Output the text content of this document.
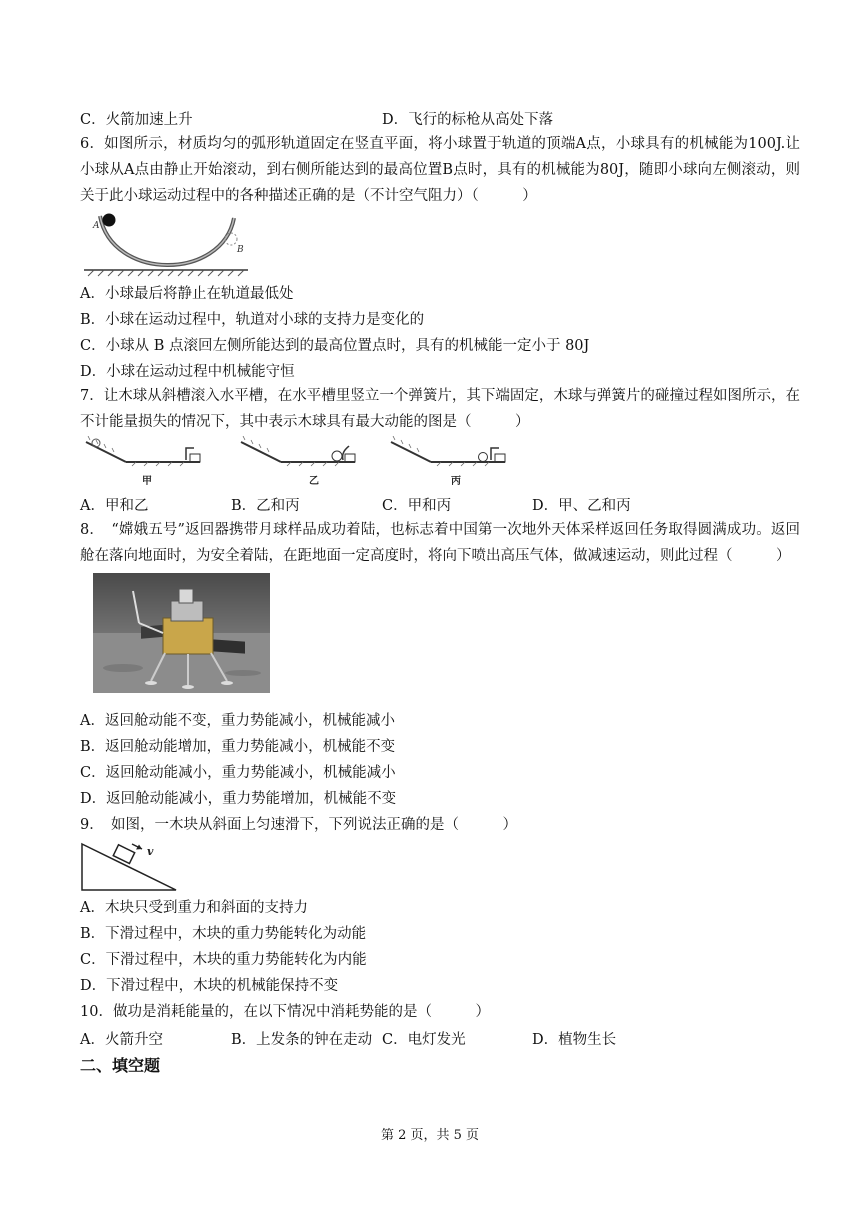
C．火箭加速上升	D．飞行的标枪从高处下落
6．如图所示，材质均匀的弧形轨道固定在竖直平面，将小球置于轨道的顶端A点，小球具有的机械能为100J.让小球从A点由静止开始滚动，到右侧所能达到的最高位置B点时，具有的机械能为80J，随即小球向左侧滚动，则关于此小球运动过程中的各种描述正确的是（不计空气阻力）（　　　）
A
B
A．小球最后将静止在轨道最低处
B．小球在运动过程中，轨道对小球的支持力是变化的
C．小球从 B 点滚回左侧所能达到的最高位置点时，具有的机械能一定小于 80J
D．小球在运动过程中机械能守恒
7．让木球从斜槽滚入水平槽，在水平槽里竖立一个弹簧片，其下端固定，木球与弹簧片的碰撞过程如图所示，在不计能量损失的情况下，其中表示木球具有最大动能的图是（　　　）
甲	乙	丙
A．甲和乙	B．乙和丙	C．甲和丙	D．甲、乙和丙
8．　“嫦娥五号”返回器携带月球样品成功着陆，也标志着中国第一次地外天体采样返回任务取得圆满成功。返回舱在落向地面时，为安全着陆，在距地面一定高度时，将向下喷出高压气体，做减速运动，则此过程（　　　）
A．返回舱动能不变，重力势能减小，机械能减小
B．返回舱动能增加，重力势能减小，机械能不变
C．返回舱动能减小，重力势能减小，机械能减小
D．返回舱动能减小，重力势能增加，机械能不变
9．　如图，一木块从斜面上匀速滑下，下列说法正确的是（　　　）
v
A．木块只受到重力和斜面的支持力
B．下滑过程中，木块的重力势能转化为动能
C．下滑过程中，木块的重力势能转化为内能
D．下滑过程中，木块的机械能保持不变
10．做功是消耗能量的，在以下情况中消耗势能的是（　　　）
A．火箭升空	B．上发条的钟在走动 C．电灯发光	D．植物生长
二、填空题
第 2 页，共 5 页
